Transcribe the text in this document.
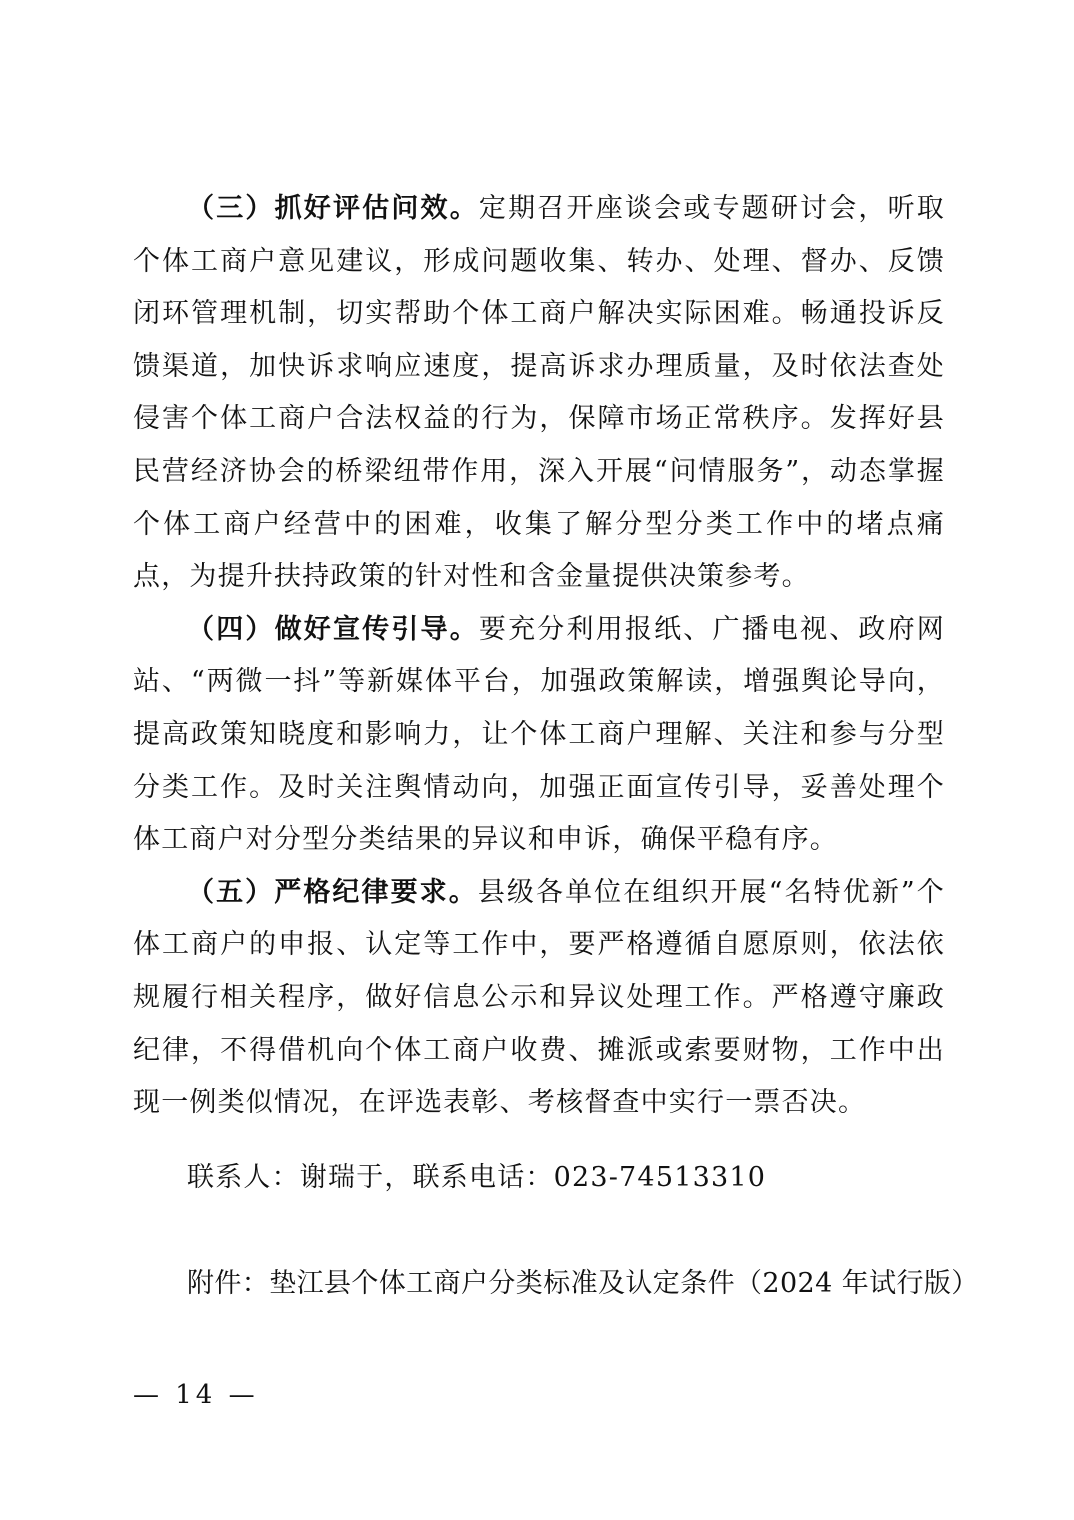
（三）抓好评估问效。定期召开座谈会或专题研讨会，听取个体工商户意见建议，形成问题收集、转办、处理、督办、反馈闭环管理机制，切实帮助个体工商户解决实际困难。畅通投诉反馈渠道，加快诉求响应速度，提高诉求办理质量，及时依法查处侵害个体工商户合法权益的行为，保障市场正常秩序。发挥好县民营经济协会的桥梁纽带作用，深入开展“问情服务”，动态掌握个体工商户经营中的困难，收集了解分型分类工作中的堵点痛点，为提升扶持政策的针对性和含金量提供决策参考。

（四）做好宣传引导。要充分利用报纸、广播电视、政府网站、“两微一抖”等新媒体平台，加强政策解读，增强舆论导向，提高政策知晓度和影响力，让个体工商户理解、关注和参与分型分类工作。及时关注舆情动向，加强正面宣传引导，妥善处理个体工商户对分型分类结果的异议和申诉，确保平稳有序。

（五）严格纪律要求。县级各单位在组织开展“名特优新”个体工商户的申报、认定等工作中，要严格遵循自愿原则，依法依规履行相关程序，做好信息公示和异议处理工作。严格遵守廉政纪律，不得借机向个体工商户收费、摊派或索要财物，工作中出现一例类似情况，在评选表彰、考核督查中实行一票否决。

联系人：谢瑞于，联系电话：023-74513310
附件：垫江县个体工商户分类标准及认定条件（2024 年试行版）
— 14 —
